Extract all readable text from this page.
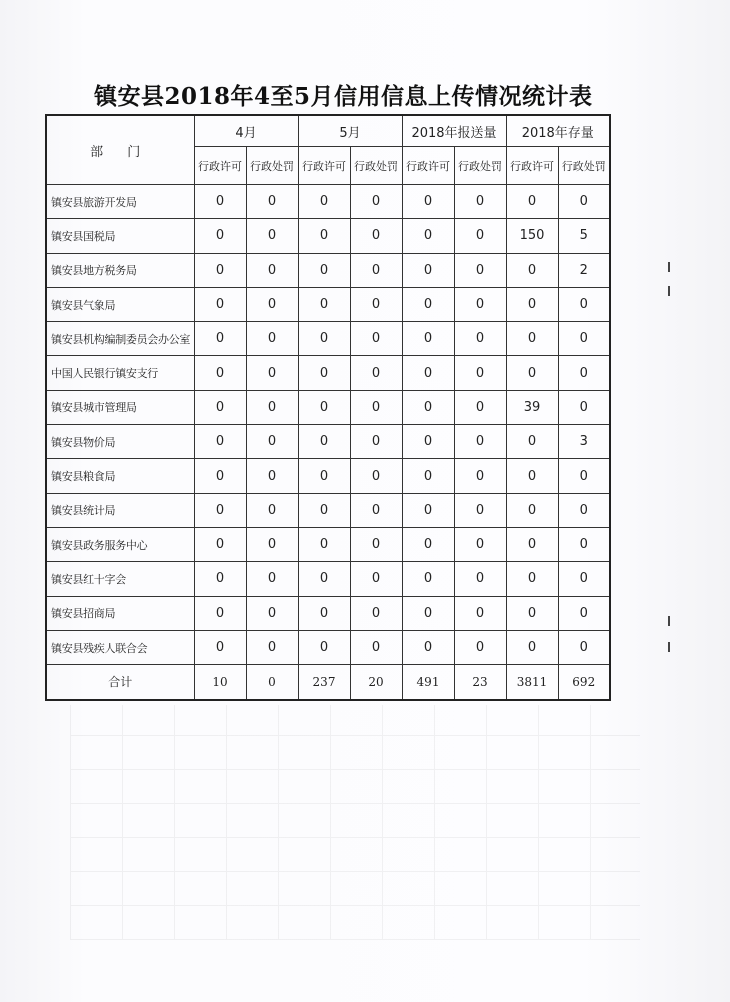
镇安县2018年4至5月信用信息上传情况统计表
部 门	4月		5月		2018年报送量		2018年存量	
	行政许可	行政处罚	行政许可	行政处罚	行政许可	行政处罚	行政许可	行政处罚
镇安县旅游开发局	0	0	0	0	0	0	0	0
镇安县国税局	0	0	0	0	0	0	150	5
镇安县地方税务局	0	0	0	0	0	0	0	2
镇安县气象局	0	0	0	0	0	0	0	0
镇安县机构编制委员会办公室	0	0	0	0	0	0	0	0
中国人民银行镇安支行	0	0	0	0	0	0	0	0
镇安县城市管理局	0	0	0	0	0	0	39	0
镇安县物价局	0	0	0	0	0	0	0	3
镇安县粮食局	0	0	0	0	0	0	0	0
镇安县统计局	0	0	0	0	0	0	0	0
镇安县政务服务中心	0	0	0	0	0	0	0	0
镇安县红十字会	0	0	0	0	0	0	0	0
镇安县招商局	0	0	0	0	0	0	0	0
镇安县残疾人联合会	0	0	0	0	0	0	0	0
合计	10	0	237	20	491	23	3811	692
